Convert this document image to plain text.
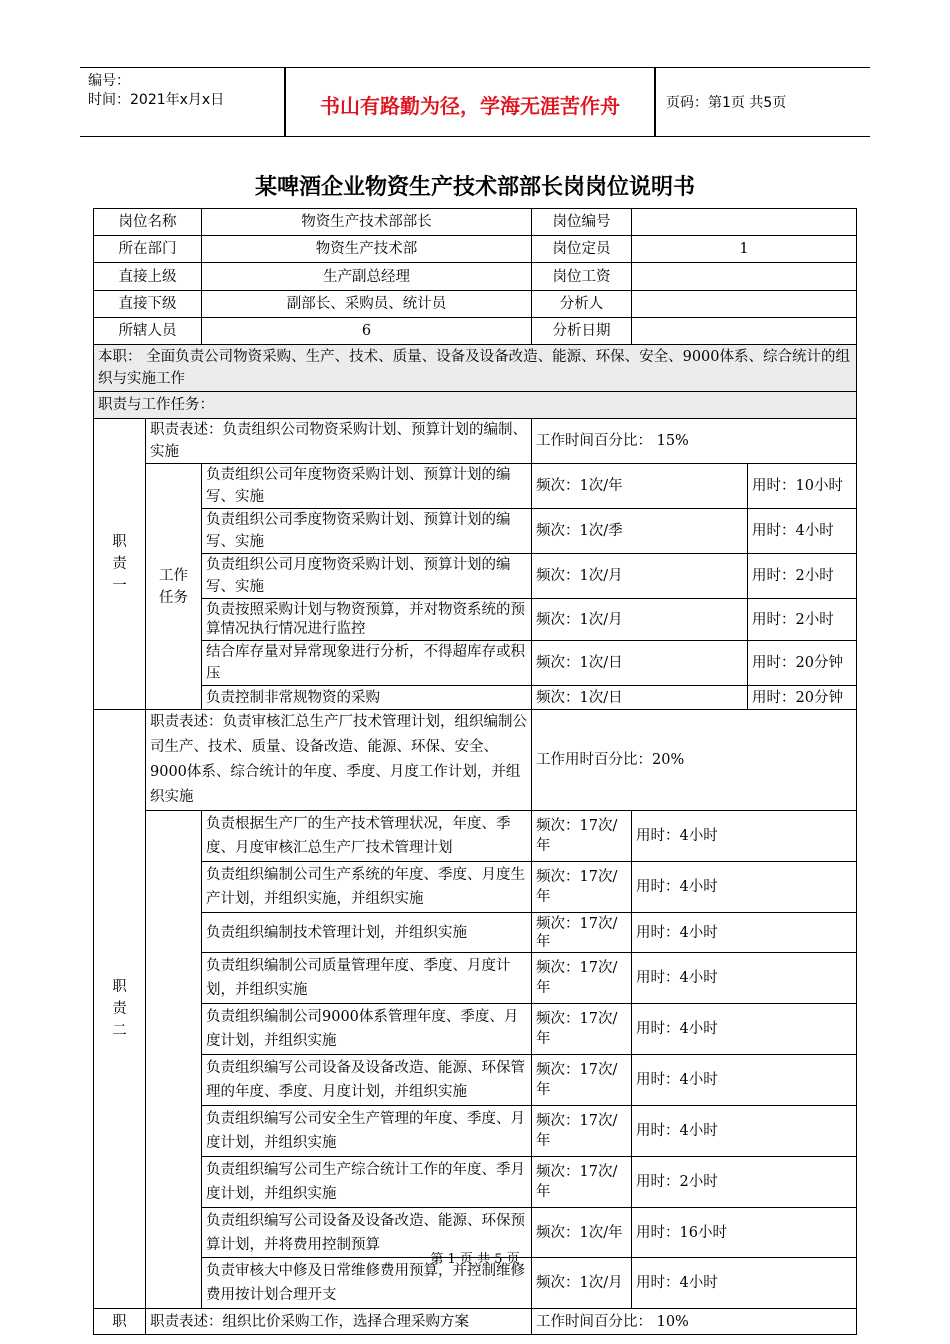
编号：
时间：2021年x月x日	书山有路勤为径，学海无涯苦作舟	页码：第1页 共5页
某啤酒企业物资生产技术部部长岗岗位说明书
岗位名称		物资生产技术部部长	岗位编号		
所在部门		物资生产技术部	岗位定员	1	
直接上级		生产副总经理	岗位工资		
直接下级		副部长、采购员、统计员	分析人		
所辖人员		6	分析日期		
本职： 全面负责公司物资采购、生产、技术、质量、设备及设备改造、能源、环保、安全、9000体系、综合统计的组织与实施工作					
职责与工作任务：					

职责一	职责表述：负责组织公司物资采购计划、预算计划的编制、实施		工作时间百分比： 15%		

	工作任务	负责组织公司年度物资采购计划、预算计划的编写、实施	频次：1次/年		用时：10小时
		负责组织公司季度物资采购计划、预算计划的编写、实施	频次：1次/季		用时：4小时
		负责组织公司月度物资采购计划、预算计划的编写、实施	频次：1次/月		用时：2小时
		负责按照采购计划与物资预算，并对物资系统的预算情况执行情况进行监控	频次：1次/月		用时：2小时
		结合库存量对异常现象进行分析，不得超库存或积压	频次：1次/日		用时：20分钟
		负责控制非常规物资的采购	频次：1次/日		用时：20分钟

职责二	职责表述：负责审核汇总生产厂技术管理计划，组织编制公司生产、技术、质量、设备改造、能源、环保、安全、9000体系、综合统计的年度、季度、月度工作计划，并组织实施		工作用时百分比：20%		
		负责根据生产厂的生产技术管理状况，年度、季度、月度审核汇总生产厂技术管理计划	频次：17次/年	用时：4小时	
		负责组织编制公司生产系统的年度、季度、月度生产计划，并组织实施，并组织实施	频次：17次/年	用时：4小时	
		负责组织编制技术管理计划，并组织实施	频次：17次/年	用时：4小时	
		负责组织编制公司质量管理年度、季度、月度计划，并组织实施	频次：17次/年	用时：4小时	
		负责组织编制公司9000体系管理年度、季度、月度计划，并组织实施	频次：17次/年	用时：4小时	
		负责组织编写公司设备及设备改造、能源、环保管理的年度、季度、月度计划，并组织实施	频次：17次/年	用时：4小时	
		负责组织编写公司安全生产管理的年度、季度、月度计划，并组织实施	频次：17次/年	用时：4小时	
		负责组织编写公司生产综合统计工作的年度、季月度计划，并组织实施	频次：17次/年	用时：2小时	
		负责组织编写公司设备及设备改造、能源、环保预算计划，并将费用控制预算	频次：1次/年	用时：16小时	
		负责审核大中修及日常维修费用预算，并控制维修费用按计划合理开支	频次：1次/月	用时：4小时	
职	职责表述：组织比价采购工作，选择合理采购方案		工作时间百分比： 10%		
第 1 页 共 5 页
